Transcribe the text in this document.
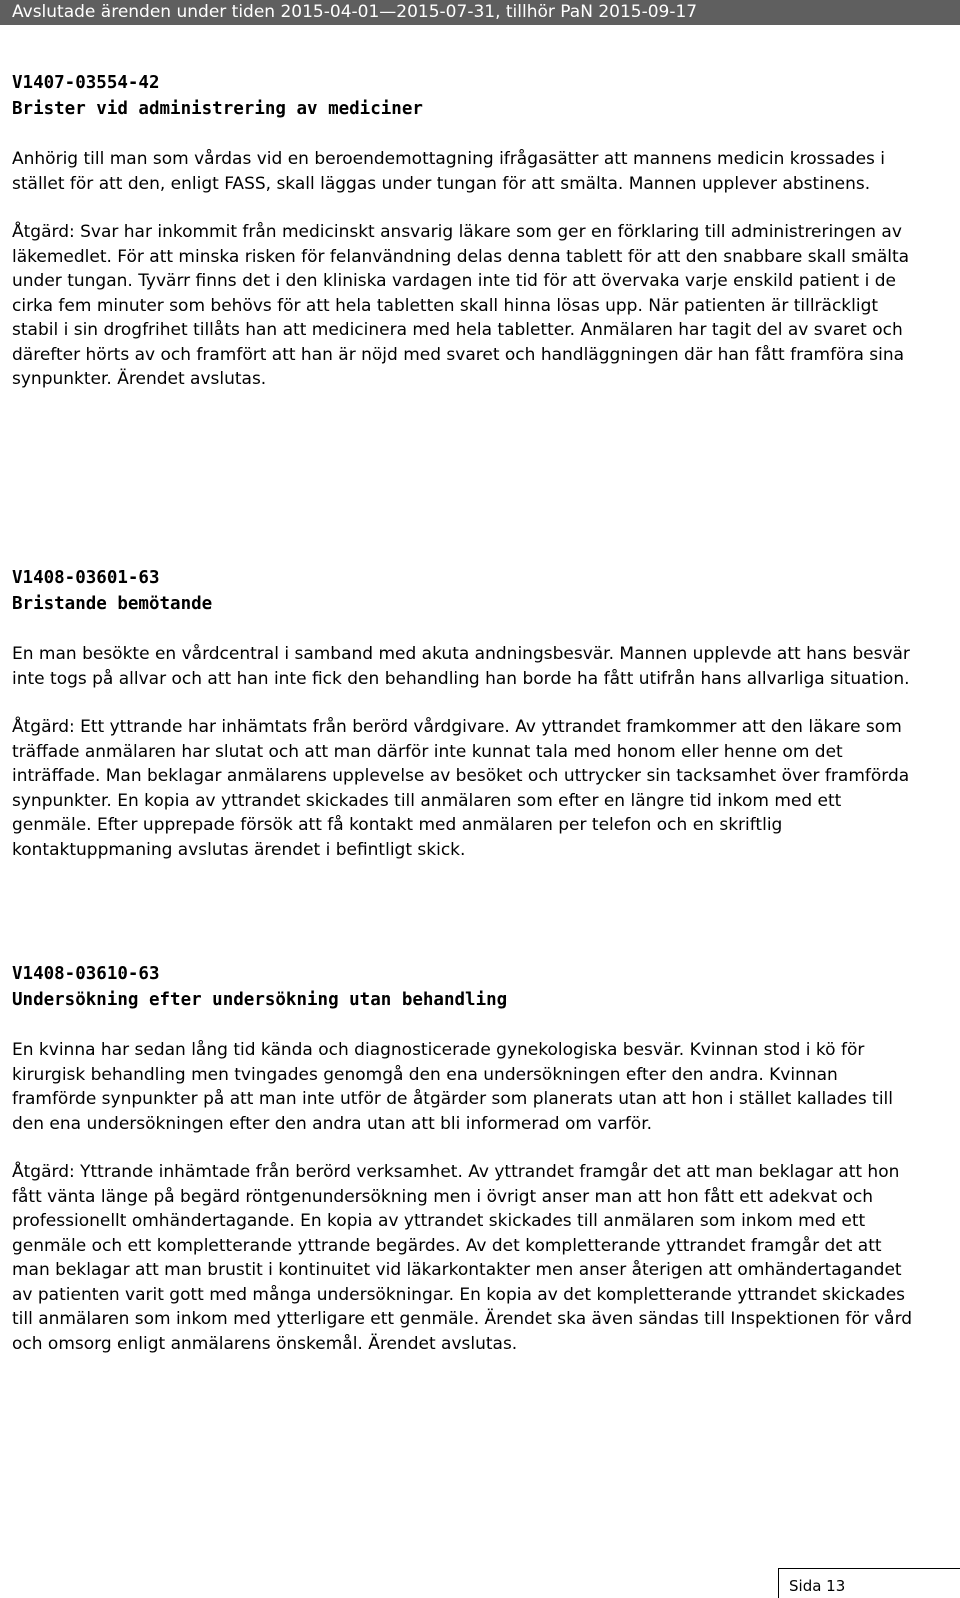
Avslutade ärenden under tiden 2015-04-01—2015-07-31, tillhör PaN 2015-09-17

V1407-03554-42

Brister vid administrering av mediciner

Anhörig till man som vårdas vid en beroendemottagning ifrågasätter att mannens medicin krossades i stället för att den, enligt FASS, skall läggas under tungan för att smälta. Mannen upplever abstinens.

Åtgärd: Svar har inkommit från medicinskt ansvarig läkare som ger en förklaring till administreringen av läkemedlet. För att minska risken för felanvändning delas denna tablett för att den snabbare skall smälta under tungan. Tyvärr finns det i den kliniska vardagen inte tid för att övervaka varje enskild patient i de cirka fem minuter som behövs för att hela tabletten skall hinna lösas upp. När patienten är tillräckligt stabil i sin drogfrihet tillåts han att medicinera med hela tabletter. Anmälaren har tagit del av svaret och därefter hörts av och framfört att han är nöjd med svaret och handläggningen där han fått framföra sina synpunkter. Ärendet avslutas.

V1408-03601-63

Bristande bemötande

En man besökte en vårdcentral i samband med akuta andningsbesvär. Mannen upplevde att hans besvär inte togs på allvar och att han inte fick den behandling han borde ha fått utifrån hans allvarliga situation.

Åtgärd: Ett yttrande har inhämtats från berörd vårdgivare. Av yttrandet framkommer att den läkare som träffade anmälaren har slutat och att man därför inte kunnat tala med honom eller henne om det inträffade. Man beklagar anmälarens upplevelse av besöket och uttrycker sin tacksamhet över framförda synpunkter. En kopia av yttrandet skickades till anmälaren som efter en längre tid inkom med ett genmäle. Efter upprepade försök att få kontakt med anmälaren per telefon och en skriftlig kontaktuppmaning avslutas ärendet i befintligt skick.

V1408-03610-63

Undersökning efter undersökning utan behandling

En kvinna har sedan lång tid kända och diagnosticerade gynekologiska besvär. Kvinnan stod i kö för kirurgisk behandling men tvingades genomgå den ena undersökningen efter den andra. Kvinnan framförde synpunkter på att man inte utför de åtgärder som planerats utan att hon i stället kallades till den ena undersökningen efter den andra utan att bli informerad om varför.

Åtgärd: Yttrande inhämtade från berörd verksamhet. Av yttrandet framgår det att man beklagar att hon fått vänta länge på begärd röntgenundersökning men i övrigt anser man att hon fått ett adekvat och professionellt omhändertagande. En kopia av yttrandet skickades till anmälaren som inkom med ett genmäle och ett kompletterande yttrande begärdes. Av det kompletterande yttrandet framgår det att man beklagar att man brustit i kontinuitet vid läkarkontakter men anser återigen att omhändertagandet av patienten varit gott med många undersökningar. En kopia av det kompletterande yttrandet skickades till anmälaren som inkom med ytterligare ett genmäle. Ärendet ska även sändas till Inspektionen för vård och omsorg enligt anmälarens önskemål. Ärendet avslutas.

Sida 13
